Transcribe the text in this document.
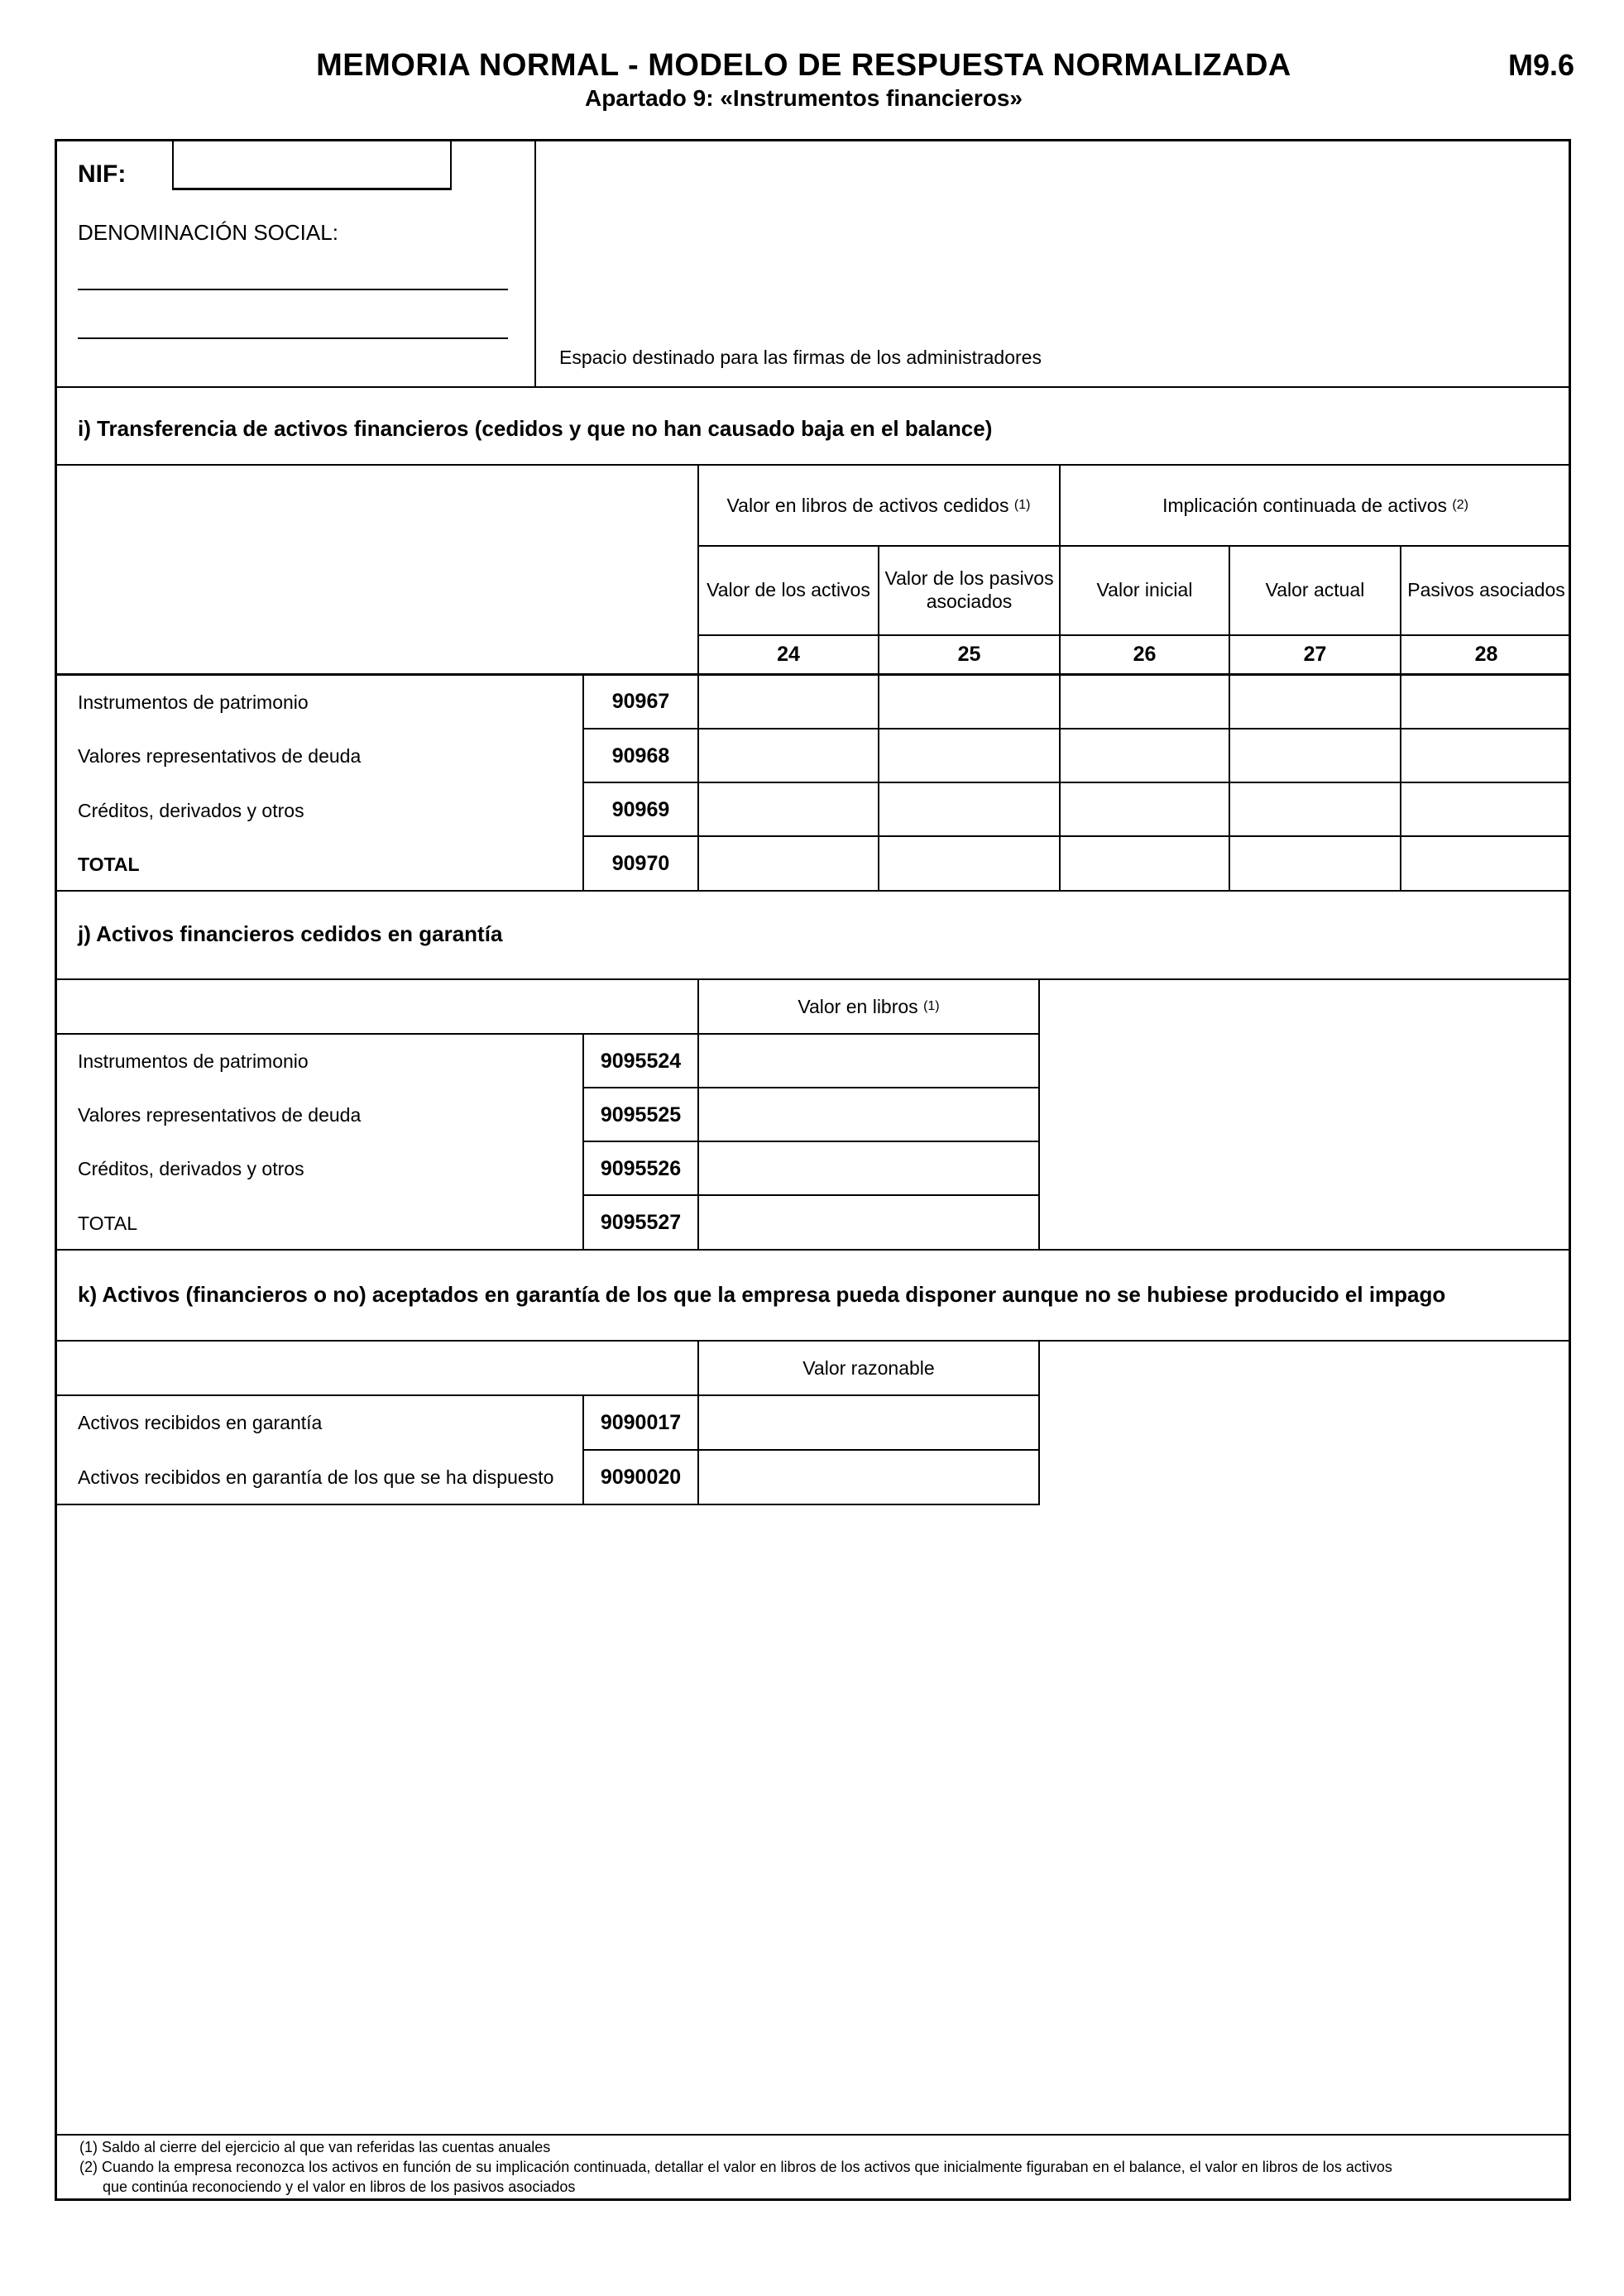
MEMORIA NORMAL - MODELO DE RESPUESTA NORMALIZADA
Apartado 9: «Instrumentos financieros»
M9.6
NIF:
DENOMINACIÓN SOCIAL:
Espacio destinado para las firmas de los administradores
i) Transferencia de activos financieros (cedidos y que no han causado baja en el balance)
Valor en libros de activos cedidos
(1)	Implicación continuada de activos
(2)
Valor de los activos
Valor de los pasivos asociados
Valor inicial	Valor actual	Pasivos asociados
24	25	26	27	28
Instrumentos de patrimonio	90967
Valores representativos de deuda	90968
Créditos, derivados y otros	90969
TOTAL	90970
j) Activos financieros cedidos en garantía
Valor en libros
(1)
Instrumentos de patrimonio	9095524
Valores representativos de deuda	9095525
Créditos, derivados y otros	9095526
TOTAL	9095527
k) Activos (financieros o no) aceptados en garantía de los que la empresa pueda disponer aunque no se hubiese producido el impago
Valor razonable
Activos recibidos en garantía	9090017
Activos recibidos en garantía de los que se ha dispuesto	9090020
(1) Saldo al cierre del ejercicio al que van referidas las cuentas anuales
(2) Cuando la empresa reconozca los activos en función de su implicación continuada, detallar el valor en libros de los activos que inicialmente figuraban en el balance, el valor en libros de los activos
que continúa reconociendo y el valor en libros de los pasivos asociados
